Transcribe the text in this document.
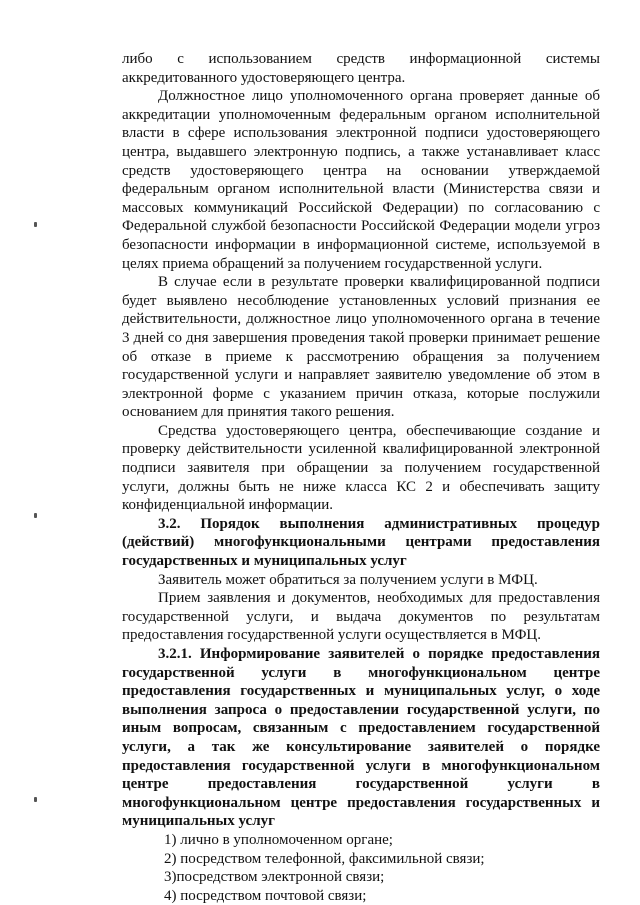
либо с использованием средств информационной системы аккредитованного удостоверяющего центра.

Должностное лицо уполномоченного органа проверяет данные об аккредитации уполномоченным федеральным органом исполнительной власти в сфере использования электронной подписи удостоверяющего центра, выдавшего электронную подпись, а также устанавливает класс средств удостоверяющего центра на основании утверждаемой федеральным органом исполнительной власти (Министерства связи и массовых коммуникаций Российской Федерации) по согласованию с Федеральной службой безопасности Российской Федерации модели угроз безопасности информации в информационной системе, используемой в целях приема обращений за получением государственной услуги.

В случае если в результате проверки квалифицированной подписи будет выявлено несоблюдение установленных условий признания ее действительности, должностное лицо уполномоченного органа в течение 3 дней со дня завершения проведения такой проверки принимает решение об отказе в приеме к рассмотрению обращения за получением государственной услуги и направляет заявителю уведомление об этом в электронной форме с указанием причин отказа, которые послужили основанием для принятия такого решения.

Средства удостоверяющего центра, обеспечивающие создание и проверку действительности усиленной квалифицированной электронной подписи заявителя при обращении за получением государственной услуги, должны быть не ниже класса КС 2 и обеспечивать защиту конфиденциальной информации.

3.2. Порядок выполнения административных процедур (действий) многофункциональными центрами предоставления государственных и муниципальных услуг

Заявитель может обратиться за получением услуги в МФЦ.

Прием заявления и документов, необходимых для предоставления государственной услуги, и выдача документов по результатам предоставления государственной услуги осуществляется в МФЦ.

3.2.1. Информирование заявителей о порядке предоставления государственной услуги в многофункциональном центре предоставления государственных и муниципальных услуг, о ходе выполнения запроса о предоставлении государственной услуги, по иным вопросам, связанным с предоставлением государственной услуги, а так же консультирование заявителей о порядке предоставления государственной услуги в многофункциональном центре предоставления государственной услуги в многофункциональном центре предоставления государственных и муниципальных услуг

1) лично в уполномоченном органе;

2) посредством телефонной, факсимильной связи;

3)посредством электронной связи;

4) посредством почтовой связи;
